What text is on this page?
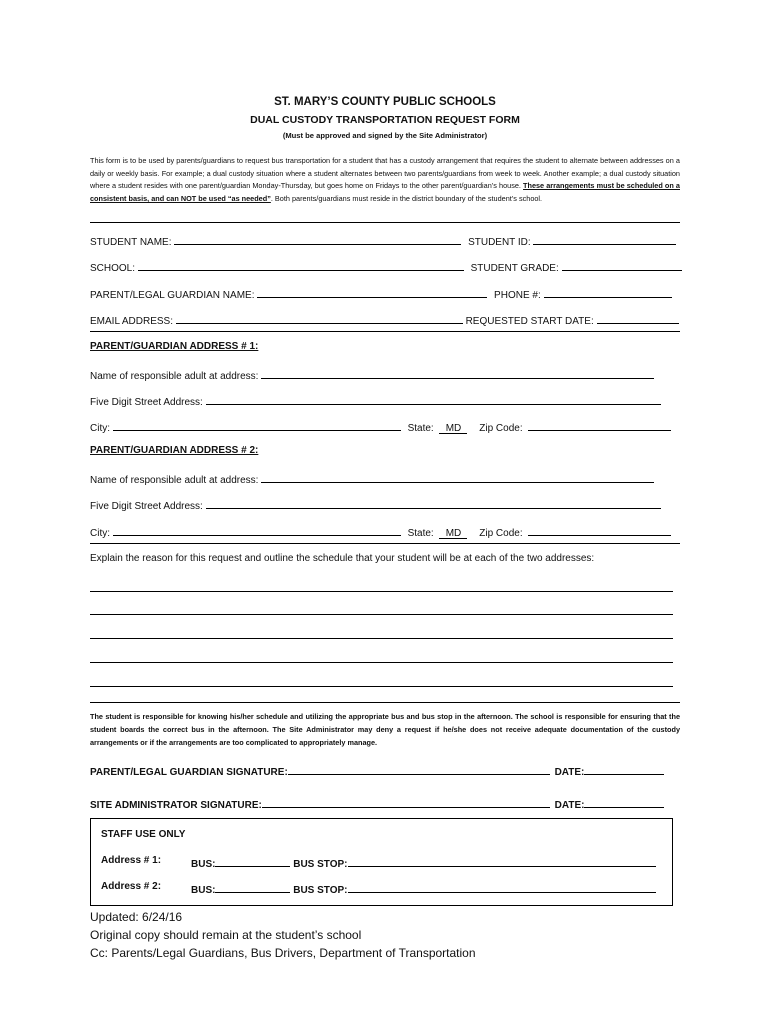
ST. MARY’S COUNTY PUBLIC SCHOOLS
DUAL CUSTODY TRANSPORTATION REQUEST FORM
(Must be approved and signed by the Site Administrator)
This form is to be used by parents/guardians to request bus transportation for a student that has a custody arrangement that requires the student to alternate between addresses on a daily or weekly basis. For example; a dual custody situation where a student alternates between two parents/guardians from week to week. Another example; a dual custody situation where a student resides with one parent/guardian Monday-Thursday, but goes home on Fridays to the other parent/guardian’s house. These arrangements must be scheduled on a consistent basis, and can NOT be used “as needed”. Both parents/guardians must reside in the district boundary of the student’s school.
STUDENT NAME:	STUDENT ID:
SCHOOL:	STUDENT GRADE:
PARENT/LEGAL GUARDIAN NAME:	PHONE #:
EMAIL ADDRESS:	REQUESTED START DATE:
PARENT/GUARDIAN ADDRESS # 1:
Name of responsible adult at address:
Five Digit Street Address:
City:	State: MD Zip Code:
PARENT/GUARDIAN ADDRESS # 2:
Name of responsible adult at address:
Five Digit Street Address:
City:	State: MD Zip Code:
Explain the reason for this request and outline the schedule that your student will be at each of the two addresses:
The student is responsible for knowing his/her schedule and utilizing the appropriate bus and bus stop in the afternoon. The school is responsible for ensuring that the student boards the correct bus in the afternoon. The Site Administrator may deny a request if he/she does not receive adequate documentation of the custody arrangements or if the arrangements are too complicated to appropriately manage.
PARENT/LEGAL GUARDIAN SIGNATURE:	DATE:
SITE ADMINISTRATOR SIGNATURE:	DATE:
STAFF USE ONLY
Address # 1:	BUS:	BUS STOP:
Address # 2:	BUS:	BUS STOP:
Updated: 6/24/16
Original copy should remain at the student’s school
Cc: Parents/Legal Guardians, Bus Drivers, Department of Transportation
